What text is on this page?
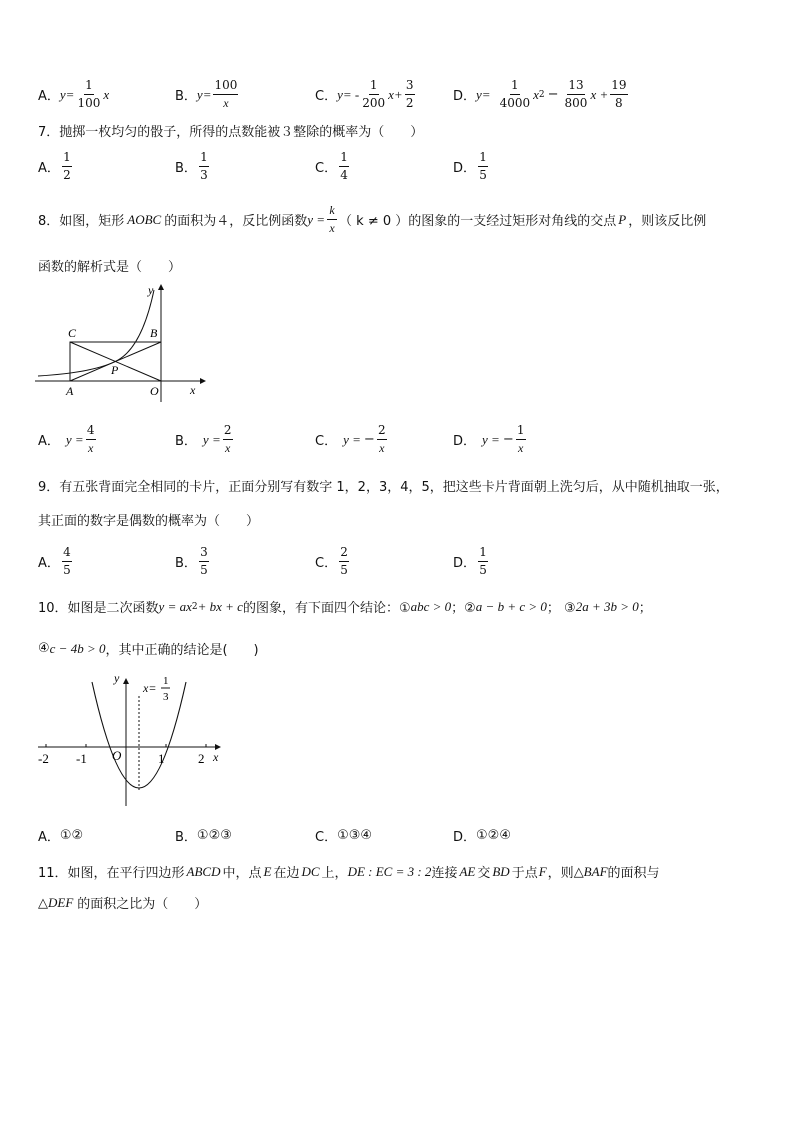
A． $y= \frac{1}{100}$ x	B． $y= \frac{100}{x}$	C． $y= - \frac{1}{200} x+ \frac{3}{2}$	D． $y= \frac{1}{4000}$ x $2 - \frac{13}{800}$ $x + \frac{19}{8}$
7．抛掷一枚均匀的骰子，所得的点数能被３整除的概率为（　　）
A． $\frac{1}{2}$	B． $\frac{1}{3}$	C． $\frac{1}{4}$	D． $\frac{1}{5}$
8．如图，矩形 AOBC 的面积为４，反比例函数 $y = \frac{k}{x}$ （ k ≠ 0 ） 的图象的一支经过矩形对角线的交点 P ，则该反比例
函数的解析式是（　　）
C	B
A	O
P
x
y
A． $y = \frac{4}{x}$	B． $y = \frac{2}{x}$	C． y = − $\frac{2}{x}$	D． y = − $\frac{1}{x}$
9．有五张背面完全相同的卡片，正面分别写有数字 1，2，3，4，5，把这些卡片背面朝上洗匀后，从中随机抽取一张，
其正面的数字是偶数的概率为（　　）
A． $\frac{4}{5}$	B． $\frac{3}{5}$	C． $\frac{2}{5}$	D． $\frac{1}{5}$
10．如图是二次函数 y = ax 2 + bx + c 的图象，有下面四个结论：① abc > 0 ；② a − b + c > 0 ； ③ 2a + 3b > 0 ；
④ c − 4b > 0 ，其中正确的结论是(　　)
-2 -1	1	2
O	x
y
x= 1
3
A． ①②	B． ①②③	C． ①③④	D． ①②④
11．如图，在平行四边形 ABCD 中，点 E 在边 DC 上， DE : EC = 3 : 2 连接 AE 交 BD 于点 F ，则 △BAF 的面积与
△DEF 的面积之比为（　　）
